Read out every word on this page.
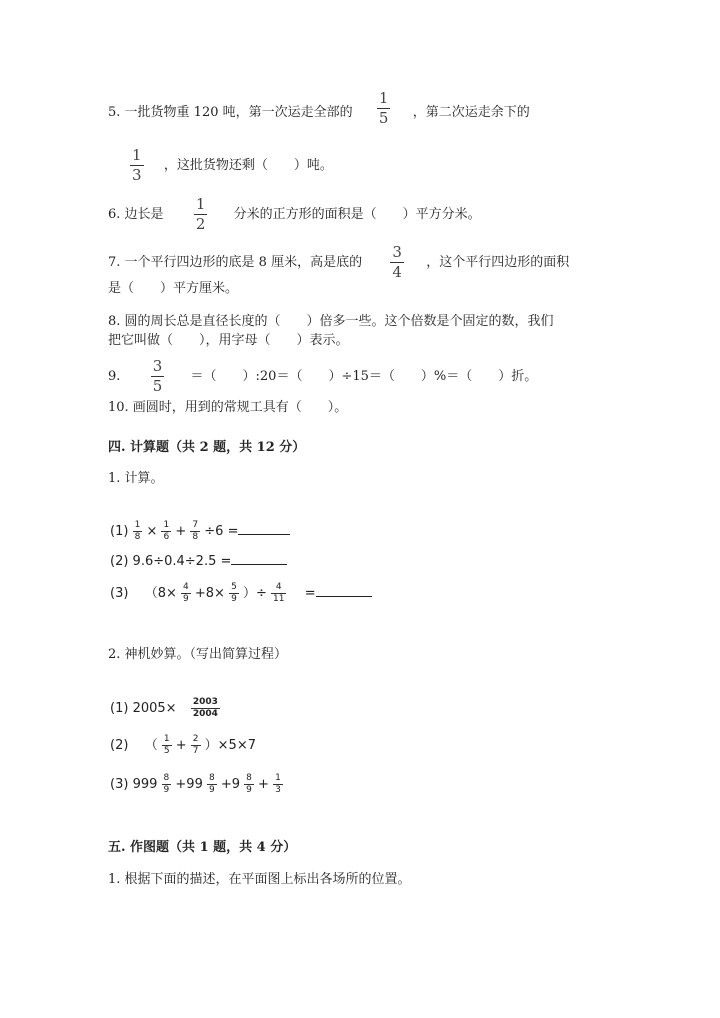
5. 一批货物重 120 吨，第一次运走全部的 $\frac{1}{5}$ ，第二次运走余下的
$\frac{1}{3}$ ，这批货物还剩（　　）吨。
6. 边长是 $\frac{1}{2}$ 分米的正方形的面积是（　　）平方分米。
7. 一个平行四边形的底是 8 厘米，高是底的 $\frac{3}{4}$ ，这个平行四边形的面积
是（　　）平方厘米。
8. 圆的周长总是直径长度的（　　）倍多一些。这个倍数是个固定的数，我们
把它叫做（　　），用字母（　　）表示。
9. $\frac{3}{5}$ ＝（　　）:20＝（　　）÷15＝（　　）%＝（　　）折。
10. 画圆时，用到的常规工具有（　　）。
四. 计算题（共 2 题，共 12 分）
1. 计算。
$(1) \frac{1}{8} \times \frac{1}{6} + \frac{7}{8} \div 6$ =
(2) 9.6÷0.4÷2.5 =
(3) （$8\times \frac{4}{9} +8\times \frac{5}{9}$ ）÷ $\frac{4}{11}$ =
2. 神机妙算。（写出简算过程）
(1) $2005\times \frac{2003}{2004}$
(2) （ $\frac{1}{5} + \frac{2}{7} )\times 5\times 7$
(3) $999 \frac{8}{9} +99 \frac{8}{9} +9 \frac{8}{9} + \frac{1}{3}$
五. 作图题（共 1 题，共 4 分）
1. 根据下面的描述，在平面图上标出各场所的位置。
